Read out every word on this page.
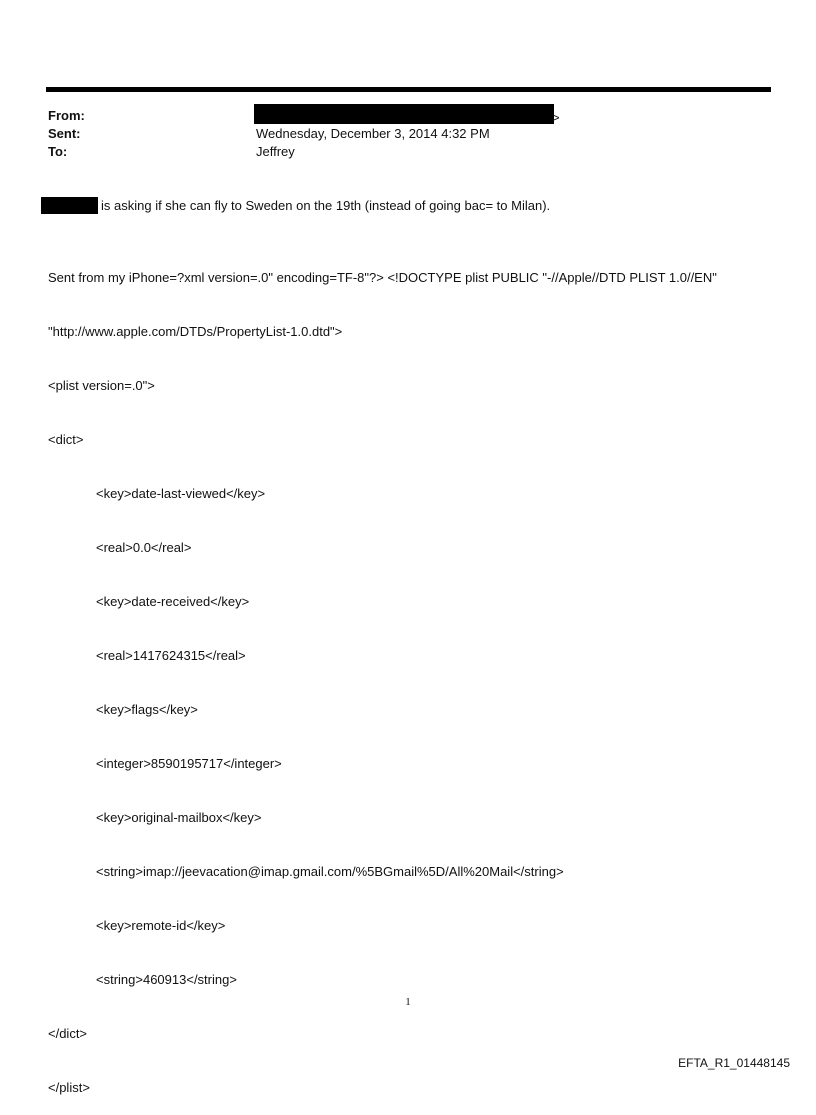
From:	>
Sent:	Wednesday, December 3, 2014 4:32 PM
To:	Jeffrey
is asking if she can fly to Sweden on the 19th (instead of going bac= to Milan).

Sent from my iPhone=?xml version=.0" encoding=TF-8"?> <!DOCTYPE plist PUBLIC "-//Apple//DTD PLIST 1.0//EN"

"http://www.apple.com/DTDs/PropertyList-1.0.dtd">

<plist version=.0">

<dict>

<key>date-last-viewed</key>

<real>0.0</real>

<key>date-received</key>

<real>1417624315</real>

<key>flags</key>

<integer>8590195717</integer>

<key>original-mailbox</key>

<string>imap://jeevacation@imap.gmail.com/%5BGmail%5D/All%20Mail</string>

<key>remote-id</key>

<string>460913</string>

</dict>

</plist>

1
EFTA_R1_01448145
